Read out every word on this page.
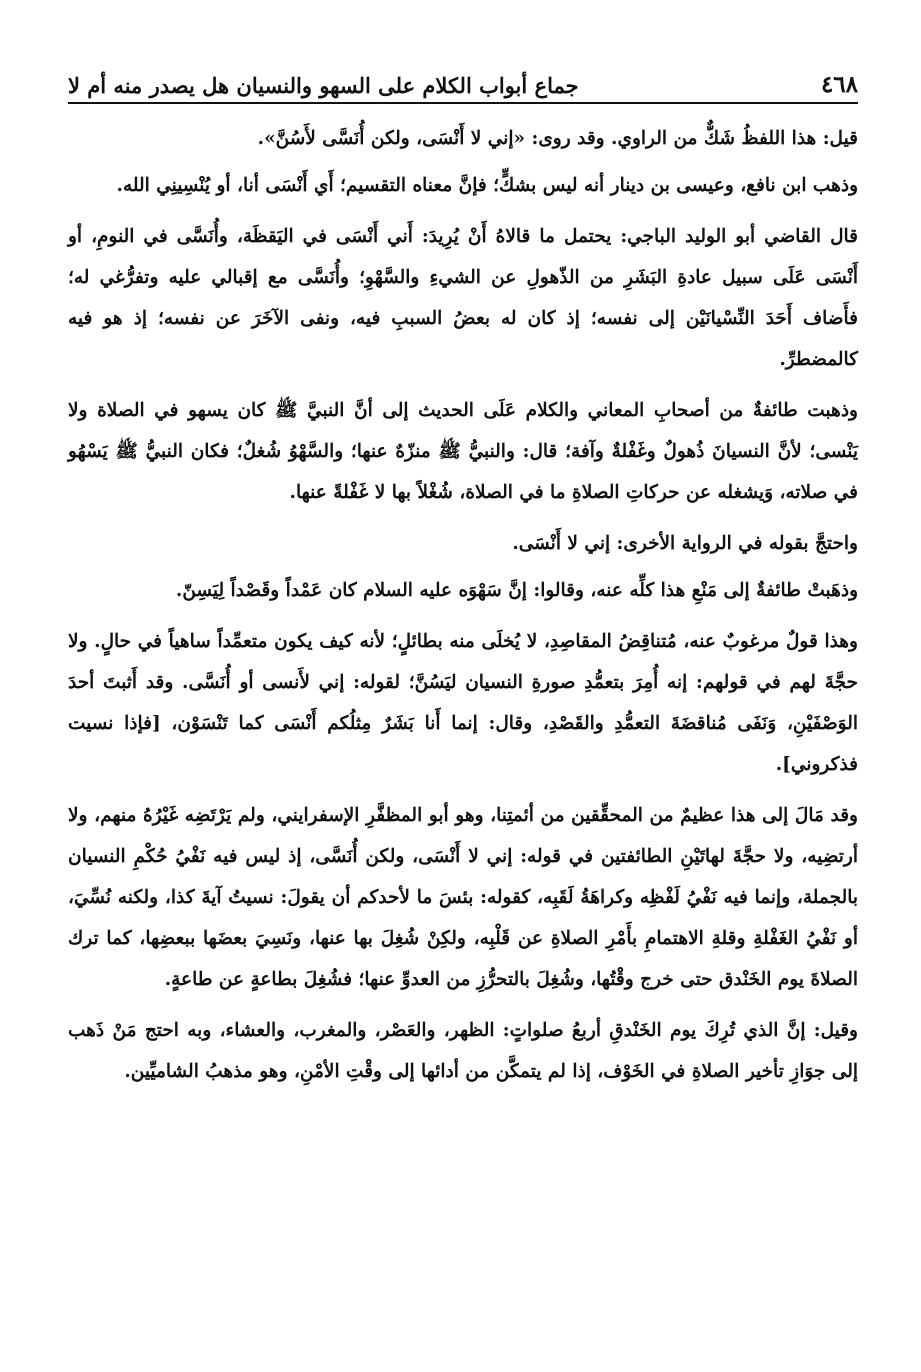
٤٦٨
جماع أبواب الكلام على السهو والنسيان هل يصدر منه أم لا

قيل: هذا اللفظُ شَكٌّ من الراوي. وقد روى: «إني لا أَنْسَى، ولكن أُنَسَّى لأَسُنَّ».

وذهب ابن نافع، وعيسى بن دينار أنه ليس بشكٍّ؛ فإنَّ معناه التقسيم؛ أَي أَنْسَى أنا، أو يُنْسِينِي الله.

قال القاضي أبو الوليد الباجي: يحتمل ما قالاهُ أَنْ يُرِيدَ: أَني أَنْسَى في اليَقظَة، وأُنَسَّى في النومِ، أو أَنْسَى عَلَى سبيل عادةِ البَشَرِ من الذّهولِ عن الشيءِ والسَّهْوِ؛ وأُنَسَّى مع إقبالي عليه وتفرُّغي له؛ فأَضاف أَحَدَ النِّسْيانَيْن إلى نفسه؛ إذ كان له بعضُ السببِ فيه، ونفى الآخَرَ عن نفسه؛ إذ هو فيه كالمضطرِّ.

وذهبت طائفةٌ من أصحابِ المعاني والكلام عَلَى الحديث إلى أنَّ النبيَّ ﷺ كان يسهو في الصلاة ولا يَنْسى؛ لأنَّ النسيانَ ذُهولٌ وغَفْلةٌ وآفة؛ قال: والنبيُّ ﷺ منزّهٌ عنها؛ والسَّهْوُ شُغلٌ؛ فكان النبيُّ ﷺ يَسْهُو في صلاته، وَيشغله عن حركاتِ الصلاةِ ما في الصلاة، شُغْلاً بها لا غَفْلةً عنها.

واحتجَّ بقوله في الرواية الأخرى: إني لا أَنْسَى.

وذهَبتْ طائفةٌ إلى مَنْعِ هذا كلِّه عنه، وقالوا: إنَّ سَهْوَه عليه السلام كان عَمْداً وقَصْداً لِيَسِنّ.

وهذا قولٌ مرغوبٌ عنه، مُتناقِضُ المقاصِدِ، لا يُخلَى منه بطائلٍ؛ لأنه كيف يكون متعمِّداً ساهياً في حالٍ. ولا حجَّةَ لهم في قولهم: إنه أُمِرَ بتعمُّدِ صورةِ النسيان ليَسُنَّ؛ لقوله: إني لأَنسى أو أُنَسَّى. وقد أَثبتَ أحدَ الوَصْفَيْنِ، وَنَفَى مُناقضَةَ التعمُّدِ والقَصْدِ، وقال: إنما أَنا بَشَرٌ مِثلُكم أَنْسَى كما تَنْسَوْن، [فإذا نسيت فذكروني].

وقد مَالَ إلى هذا عظيمٌ من المحقِّقين من أئمتِنا، وهو أبو المظفَّرِ الإسفرايني، ولم يَرْتَضِه غَيْرُهُ منهم، ولا أرتضِيه، ولا حجَّةَ لهاتَيْنِ الطائفتين في قوله: إني لا أَنْسَى، ولكن أُنَسَّى، إذ ليس فيه نَفْيُ حُكْمِ النسيان بالجملة، وإنما فيه نَفْيُ لَفْظِه وكراهَةُ لَقَبِه، كقوله: بئسَ ما لأحدكم أن يقولَ: نسيتُ آيةَ كذا، ولكنه نُسِّيَ، أو نَفْيُ الغَفْلةِ وقلةِ الاهتمامِ بأَمْرِ الصلاةِ عن قَلْبِه، ولكِنْ شُغِلَ بها عنها، ونَسِيَ بعضَها ببعضِها، كما ترك الصلاةَ يوم الخَنْدق حتى خرج وقْتُها، وشُغِلَ بالتحرُّزِ من العدوِّ عنها؛ فشُغِلَ بطاعةٍ عن طاعةٍ.

وقيل: إنَّ الذي تُرِكَ يوم الخَنْدقِ أربعُ صلواتٍ: الظهر، والعَصْر، والمغرب، والعشاء، وبه احتج مَنْ ذَهب إلى جوَازِ تأخير الصلاةِ في الخَوْف، إذا لم يتمكَّن من أدائها إلى وقْتِ الأمْنِ، وهو مذهبُ الشاميِّين.
